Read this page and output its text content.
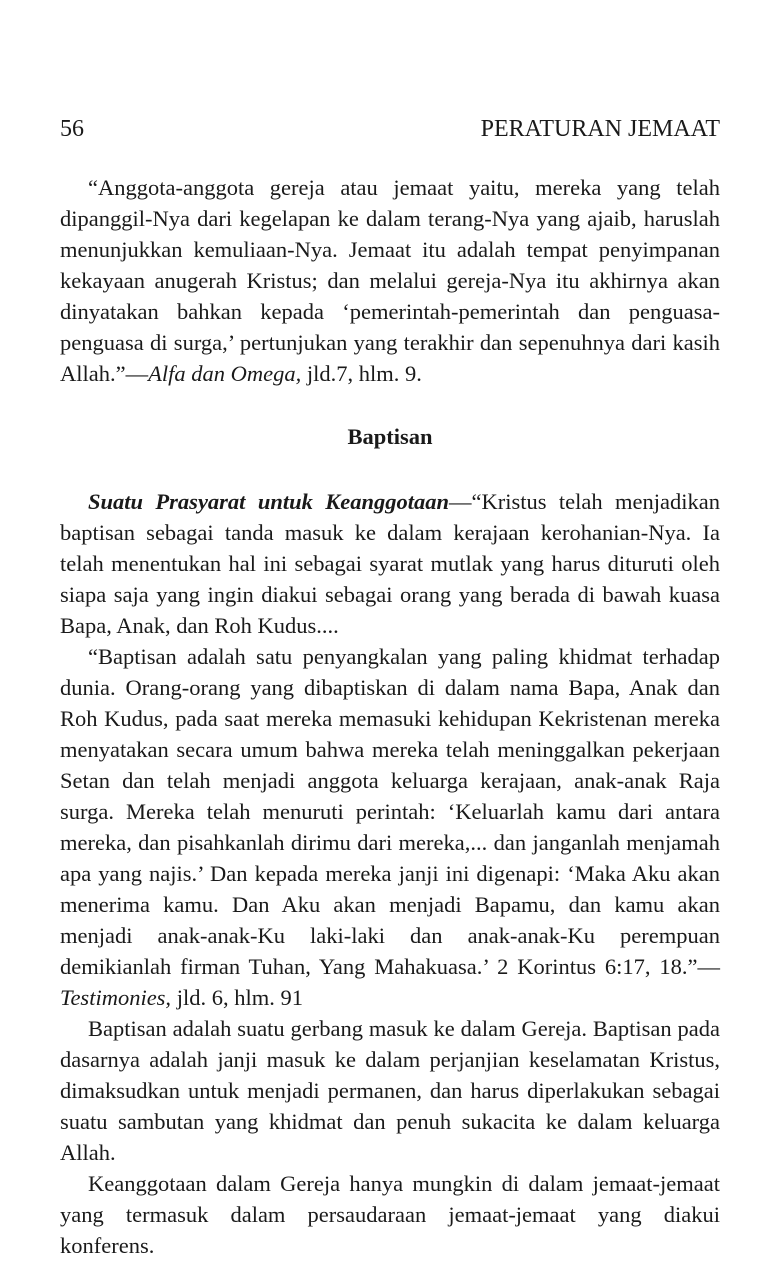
56	PERATURAN JEMAAT

“Anggota-anggota gereja atau jemaat yaitu, mereka yang telah dipanggil-Nya dari kegelapan ke dalam terang-Nya yang ajaib, haruslah menunjukkan kemuliaan-Nya. Jemaat itu adalah tempat penyimpanan kekayaan anugerah Kristus; dan melalui gereja-Nya itu akhirnya akan dinyatakan bahkan kepada ‘pemerintah-pemerintah dan penguasa-penguasa di surga,’ pertunjukan yang terakhir dan sepenuhnya dari kasih Allah.”—Alfa dan Omega, jld.7, hlm. 9.

Baptisan

Suatu Prasyarat untuk Keanggotaan—“Kristus telah menjadikan baptisan sebagai tanda masuk ke dalam kerajaan kerohanian-Nya. Ia telah menentukan hal ini sebagai syarat mutlak yang harus dituruti oleh siapa saja yang ingin diakui sebagai orang yang berada di bawah kuasa Bapa, Anak, dan Roh Kudus....

“Baptisan adalah satu penyangkalan yang paling khidmat terhadap dunia. Orang-orang yang dibaptiskan di dalam nama Bapa, Anak dan Roh Kudus, pada saat mereka memasuki kehidupan Kekristenan mereka menyatakan secara umum bahwa mereka telah meninggalkan pekerjaan Setan dan telah menjadi anggota keluarga kerajaan, anak-anak Raja surga. Mereka telah menuruti perintah: ‘Keluarlah kamu dari antara mereka, dan pisahkanlah dirimu dari mereka,... dan janganlah menjamah apa yang najis.’ Dan kepada mereka janji ini digenapi: ‘Maka Aku akan menerima kamu. Dan Aku akan menjadi Bapamu, dan kamu akan menjadi anak-anak-Ku laki-laki dan anak-anak-Ku perempuan demikianlah firman Tuhan, Yang Mahakuasa.’ 2 Korintus 6:17, 18.”—Testimonies, jld. 6, hlm. 91

Baptisan adalah suatu gerbang masuk ke dalam Gereja. Baptisan pada dasarnya adalah janji masuk ke dalam perjanjian keselamatan Kristus, dimaksudkan untuk menjadi permanen, dan harus diperlakukan sebagai suatu sambutan yang khidmat dan penuh sukacita ke dalam keluarga Allah.

Keanggotaan dalam Gereja hanya mungkin di dalam jemaat-jemaat yang termasuk dalam persaudaraan jemaat-jemaat yang diakui konferens.
